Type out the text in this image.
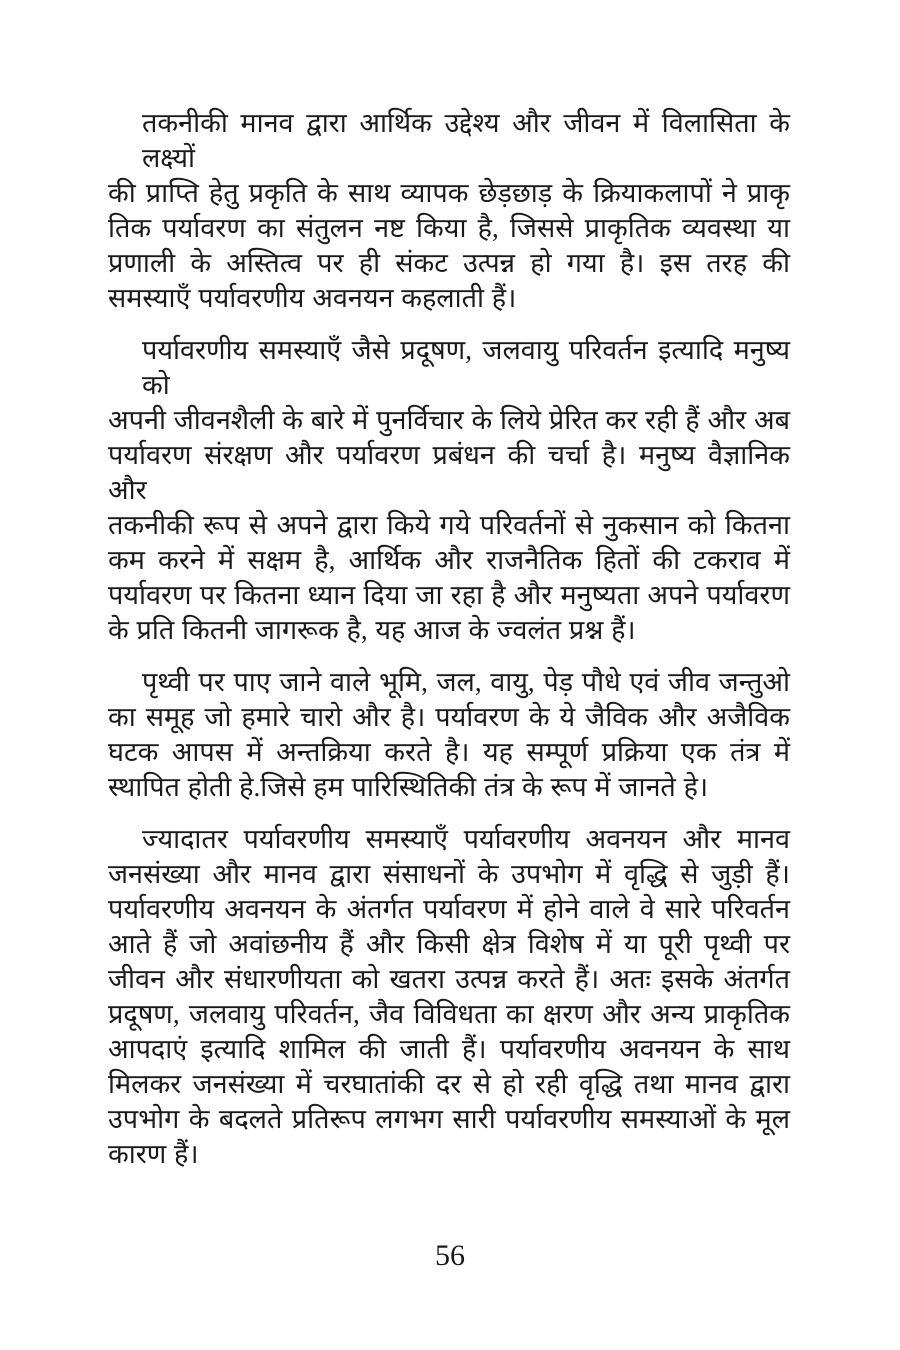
तकनीकी मानव द्वारा आर्थिक उद्देश्य और जीवन में विलासिता के लक्ष्यों
की प्राप्ति हेतु प्रकृति के साथ व्यापक छेड़छाड़ के क्रियाकलापों ने प्राकृ
तिक पर्यावरण का संतुलन नष्ट किया है, जिससे प्राकृतिक व्यवस्था या
प्रणाली के अस्तित्व पर ही संकट उत्पन्न हो गया है। इस तरह की
समस्याएँ पर्यावरणीय अवनयन कहलाती हैं।

पर्यावरणीय समस्याएँ जैसे प्रदूषण, जलवायु परिवर्तन इत्यादि मनुष्य को
अपनी जीवनशैली के बारे में पुनर्विचार के लिये प्रेरित कर रही हैं और अब
पर्यावरण संरक्षण और पर्यावरण प्रबंधन की चर्चा है। मनुष्य वैज्ञानिक और
तकनीकी रूप से अपने द्वारा किये गये परिवर्तनों से नुकसान को कितना
कम करने में सक्षम है, आर्थिक और राजनैतिक हितों की टकराव में
पर्यावरण पर कितना ध्यान दिया जा रहा है और मनुष्यता अपने पर्यावरण
के प्रति कितनी जागरूक है, यह आज के ज्वलंत प्रश्न हैं।

पृथ्वी पर पाए जाने वाले भूमि, जल, वायु, पेड़ पौधे एवं जीव जन्तुओ
का समूह जो हमारे चारो और है। पर्यावरण के ये जैविक और अजैविक
घटक आपस में अन्तक्रिया करते है। यह सम्पूर्ण प्रक्रिया एक तंत्र में
स्थापित होती हे.जिसे हम पारिस्थितिकी तंत्र के रूप में जानते हे।

ज्यादातर पर्यावरणीय समस्याएँ पर्यावरणीय अवनयन और मानव
जनसंख्या और मानव द्वारा संसाधनों के उपभोग में वृद्धि से जुड़ी हैं।
पर्यावरणीय अवनयन के अंतर्गत पर्यावरण में होने वाले वे सारे परिवर्तन
आते हैं जो अवांछनीय हैं और किसी क्षेत्र विशेष में या पूरी पृथ्वी पर
जीवन और संधारणीयता को खतरा उत्पन्न करते हैं। अतः इसके अंतर्गत
प्रदूषण, जलवायु परिवर्तन, जैव विविधता का क्षरण और अन्य प्राकृतिक
आपदाएं इत्यादि शामिल की जाती हैं। पर्यावरणीय अवनयन के साथ
मिलकर जनसंख्या में चरघातांकी दर से हो रही वृद्धि तथा मानव द्वारा
उपभोग के बदलते प्रतिरूप लगभग सारी पर्यावरणीय समस्याओं के मूल
कारण हैं।

56
